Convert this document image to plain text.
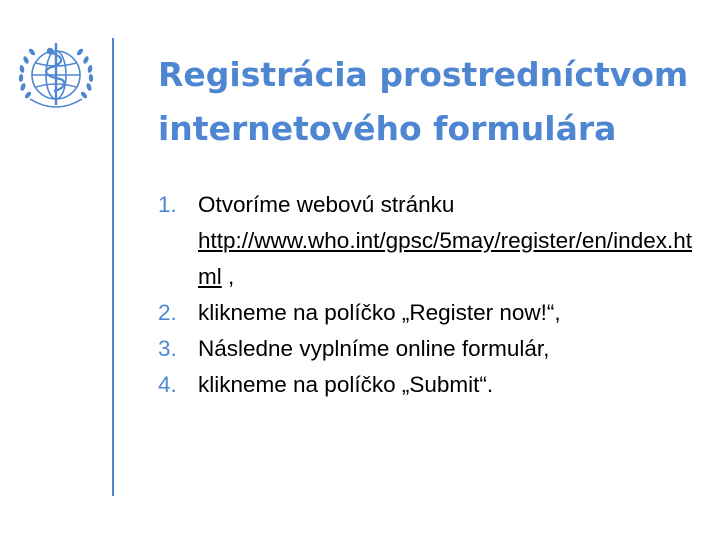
Registrácia prostredníctvom
internetového formulára
1. Otvoríme webovú stránku
http://www.who.int/gpsc/5may/register/en/index.html ,
2. klikneme na políčko „Register now!“,
3. Následne vyplníme online formulár,
4. klikneme na políčko „Submit“.
